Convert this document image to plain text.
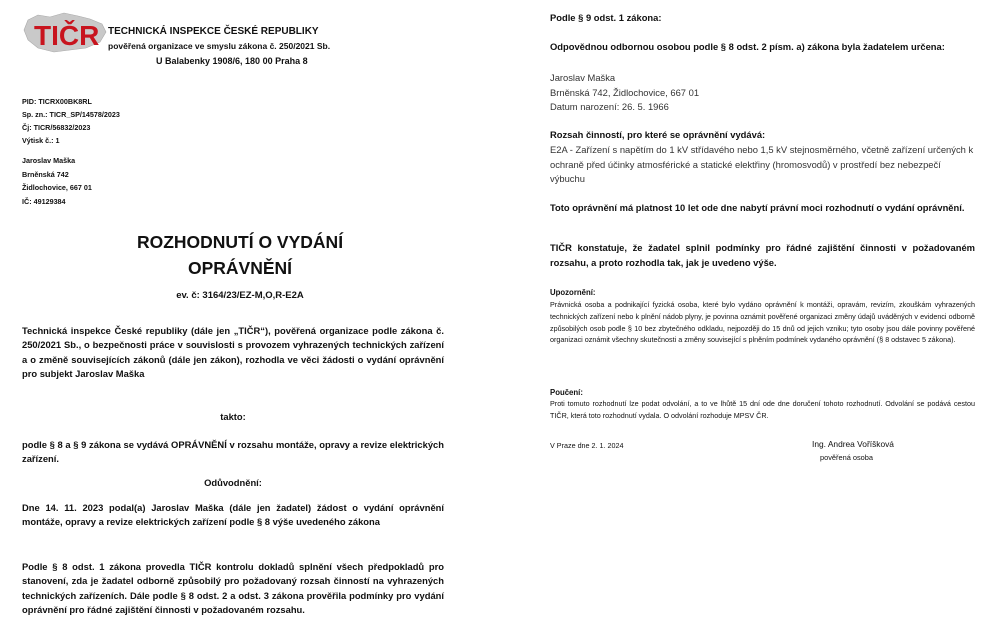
TIČR TECHNICKÁ INSPEKCE ČESKÉ REPUBLIKY
pověřená organizace ve smyslu zákona č. 250/2021 Sb.
U Balabenky 1908/6, 180 00 Praha 8
PID: TICRX00BK8RL
Sp. zn.: TICR_SP/14578/2023
Čj: TICR/56832/2023
Výtisk č.: 1
Jaroslav Maška
Brněnská 742
Židlochovice, 667 01
IČ: 49129384
ROZHODNUTÍ O VYDÁNÍ
OPRÁVNĚNÍ
ev. č: 3164/23/EZ-M,O,R-E2A
Technická inspekce České republiky (dále jen „TIČR“), pověřená organizace podle zákona č. 250/2021 Sb., o bezpečnosti práce v souvislosti s provozem vyhrazených technických zařízení a o změně souvisejících zákonů (dále jen zákon), rozhodla ve věci žádosti o vydání oprávnění pro subjekt Jaroslav Maška
takto:
podle § 8 a § 9 zákona se vydává OPRÁVNĚNÍ v rozsahu montáže, opravy a revize elektrických zařízení.
Odůvodnění:
Dne 14. 11. 2023 podal(a) Jaroslav Maška (dále jen žadatel) žádost o vydání oprávnění montáže, opravy a revize elektrických zařízení podle § 8 výše uvedeného zákona
Podle § 8 odst. 1 zákona provedla TIČR kontrolu dokladů splnění všech předpokladů pro stanovení, zda je žadatel odborně způsobilý pro požadovaný rozsah činností na vyhrazených technických zařízeních. Dále podle § 8 odst. 2 a odst. 3 zákona prověřila podmínky pro vydání oprávnění pro řádné zajištění činnosti v požadovaném rozsahu.
Podle § 9 odst. 1 zákona:
Odpovědnou odbornou osobou podle § 8 odst. 2 písm. a) zákona byla žadatelem určena:
Jaroslav Maška
Brněnská 742, Židlochovice, 667 01
Datum narození: 26. 5. 1966
Rozsah činností, pro které se oprávnění vydává:
E2A - Zařízení s napětím do 1 kV střídavého nebo 1,5 kV stejnosměrného, včetně zařízení určených k ochraně před účinky atmosférické a statické elektřiny (hromosvodů) v prostředí bez nebezpečí výbuchu
Toto oprávnění má platnost 10 let ode dne nabytí právní moci rozhodnutí o vydání oprávnění.
TIČR konstatuje, že žadatel splnil podmínky pro řádné zajištění činnosti v požadovaném rozsahu, a proto rozhodla tak, jak je uvedeno výše.
Upozornění:
Právnická osoba a podnikající fyzická osoba, které bylo vydáno oprávnění k montáži, opravám, revizím, zkouškám vyhrazených technických zařízení nebo k plnění nádob plyny, je povinna oznámit pověřené organizaci změny údajů uváděných v evidenci odborně způsobilých osob podle § 10 bez zbytečného odkladu, nejpozději do 15 dnů od jejich vzniku; tyto osoby jsou dále povinny pověřené organizaci oznámit všechny skutečnosti a změny související s plněním podmínek vydaného oprávnění (§ 8 odstavec 5 zákona).
Poučení:
Proti tomuto rozhodnutí lze podat odvolání, a to ve lhůtě 15 dní ode dne doručení tohoto rozhodnutí. Odvolání se podává cestou TIČR, která toto rozhodnutí vydala. O odvolání rozhoduje MPSV ČR.
V Praze dne 2. 1. 2024	Ing. Andrea Voříšková
pověřená osoba
